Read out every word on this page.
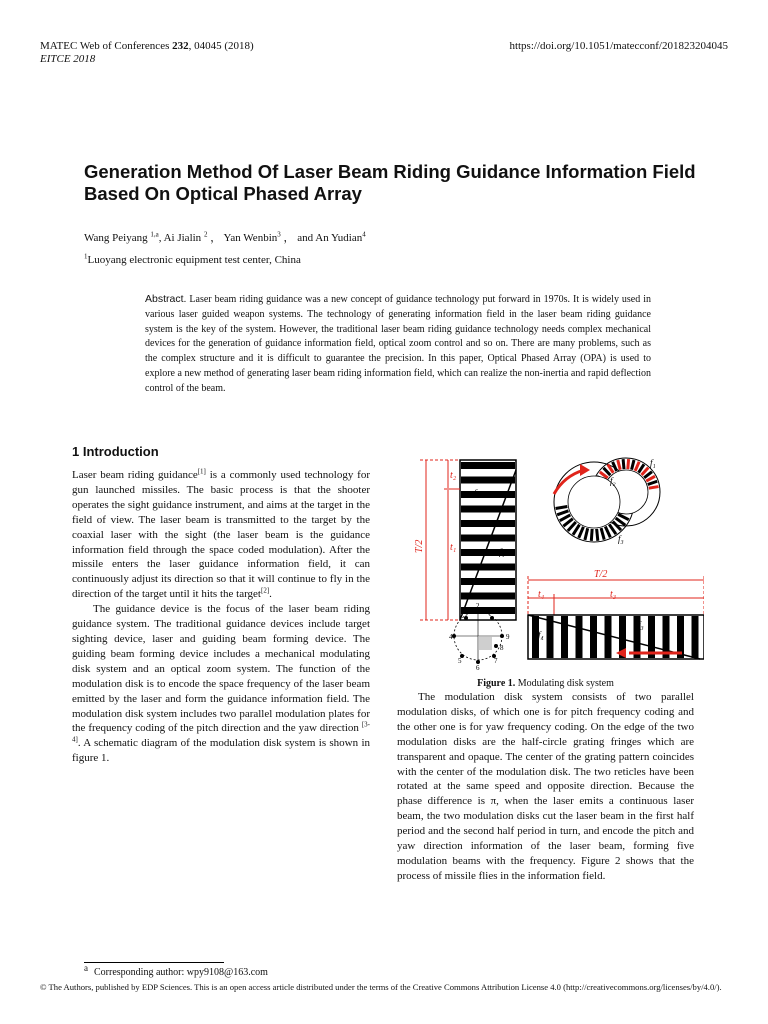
MATEC Web of Conferences 232, 04045 (2018)
EITCE 2018
https://doi.org/10.1051/matecconf/201823204045
Generation Method Of Laser Beam Riding Guidance Information Field Based On Optical Phased Array
Wang Peiyang $^{1,a}$, Ai Jialin $^2$ ， Yan Wenbin$^3$ ， and An Yudian$^4$
$^1$Luoyang electronic equipment test center, China
Abstract. Laser beam riding guidance was a new concept of guidance technology put forward in 1970s. It is widely used in various laser guided weapon systems. The technology of generating information field in the laser beam riding guidance system is the key of the system. However, the traditional laser beam riding guidance technology needs complex mechanical devices for the generation of guidance information field, optical zoom control and so on. There are many problems, such as the complex structure and it is difficult to guarantee the precision. In this paper, Optical Phased Array (OPA) is used to explore a new method of generating laser beam riding information field, which can realize the non-inertia and rapid deflection control of the beam.
1 Introduction

Laser beam riding guidance[1] is a commonly used technology for gun launched missiles. The basic process is that the shooter operates the sight guidance instrument, and aims at the target in the field of view. The laser beam is transmitted to the target by the coaxial laser with the sight (the laser beam is the guidance information field through the space coded modulation). After the missile enters the laser guidance information field, it can continuously adjust its direction so that it will continue to fly in the direction of the target until it hits the target[2].

The guidance device is the focus of the laser beam riding guidance system. The traditional guidance devices include target sighting device, laser and guiding beam forming device. The guiding beam forming device includes a mechanical modulating disk system and an optical zoom system. The function of the modulation disk is to encode the space frequency of the laser beam emitted by the laser and form the guidance information field. The modulation disk system includes two parallel modulation plates for the frequency coding of the pitch direction and the yaw direction [3-4]. A schematic diagram of the modulation disk system is shown in figure 1.

T/2
t₂
t₁
f₂
f₁
f₁
f₂
f₃
T/2
t₄	t₃
f₄
f₃
3
2
1
4	9
5
6
7
8
Figure 1. Modulating disk system

The modulation disk system consists of two parallel modulation disks, of which one is for pitch frequency coding and the other one is for yaw frequency coding. On the edge of the two modulation disks are the half-circle grating fringes which are transparent and opaque. The center of the grating pattern coincides with the center of the modulation disk. The two reticles have been rotated at the same speed and opposite direction. Because the phase difference is π, when the laser emits a continuous laser beam, the two modulation disks cut the laser beam in the first half period and the second half period in turn, and encode the pitch and yaw direction information of the laser beam, forming five modulation beams with the frequency. Figure 2 shows that the process of missile flies in the information field.

$^a$ Corresponding author: wpy9108@163.com
© The Authors, published by EDP Sciences. This is an open access article distributed under the terms of the Creative Commons Attribution License 4.0 (http://creativecommons.org/licenses/by/4.0/).
